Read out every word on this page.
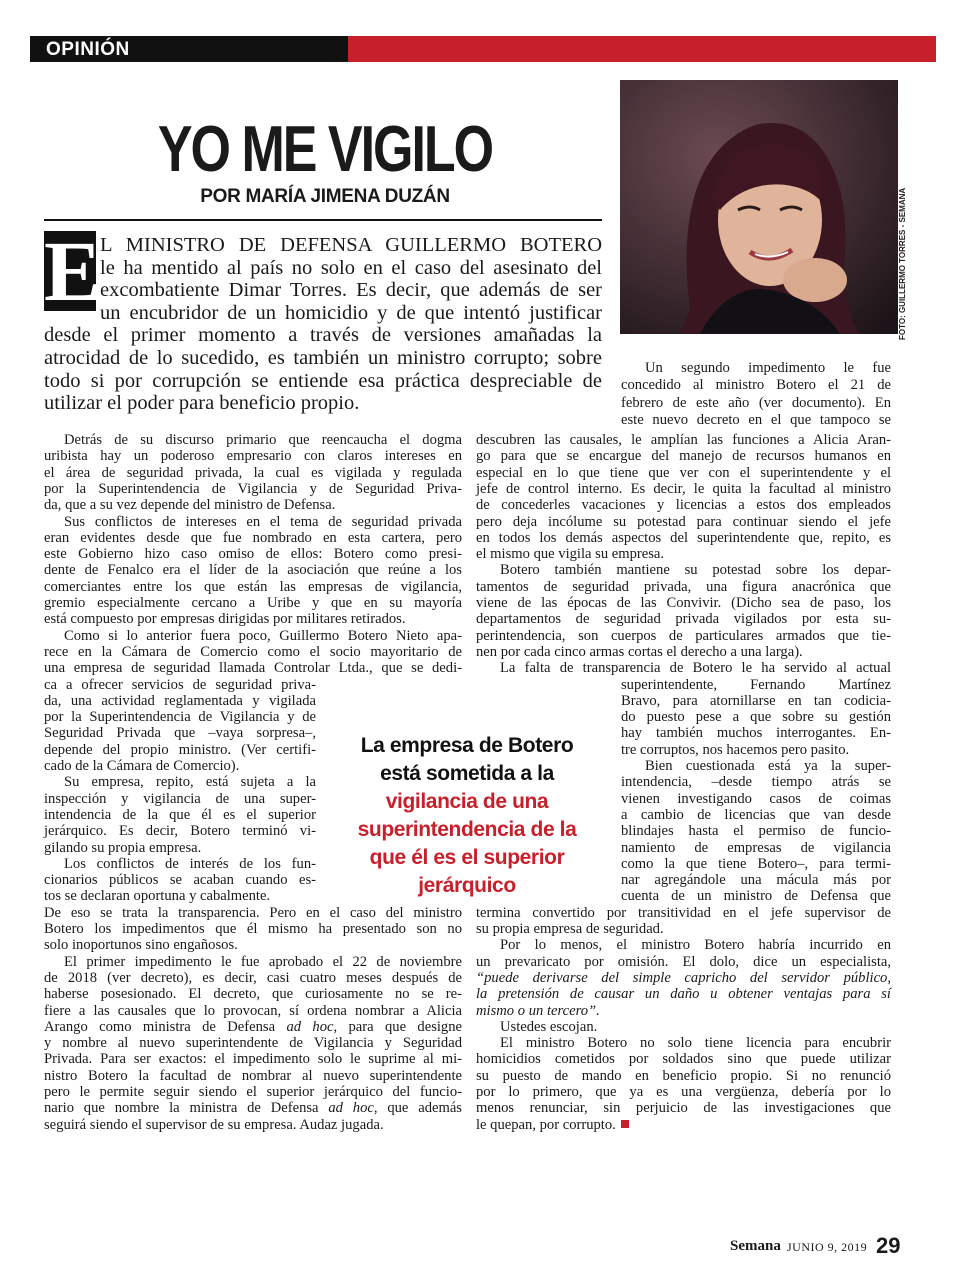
OPINIÓN
YO ME VIGILO
POR MARÍA JIMENA DUZÁN	FOTO: GUILLERMO TORRES - SEMANA
E
L MINISTRO DE DEFENSA GUILLERMO BOTERO
le ha mentido al país no solo en el caso del asesinato del
excombatiente Dimar Torres. Es decir, que además de ser
un encubridor de un homicidio y de que intentó justificar
desde el primer momento a través de versiones amañadas la
atrocidad de lo sucedido, es también un ministro corrupto; sobre
todo si por corrupción se entiende esa práctica despreciable de
utilizar el poder para beneficio propio.
Detrás de su discurso primario que reencaucha el dogma
uribista hay un poderoso empresario con claros intereses en
el área de seguridad privada, la cual es vigilada y regulada
por la Superintendencia de Vigilancia y de Seguridad Priva-
da, que a su vez depende del ministro de Defensa.
Sus conflictos de intereses en el tema de seguridad privada
eran evidentes desde que fue nombrado en esta cartera, pero
este Gobierno hizo caso omiso de ellos: Botero como presi-
dente de Fenalco era el líder de la asociación que reúne a los
comerciantes entre los que están las empresas de vigilancia,
gremio especialmente cercano a Uribe y que en su mayoría
está compuesto por empresas dirigidas por militares retirados.
Como si lo anterior fuera poco, Guillermo Botero Nieto apa-
rece en la Cámara de Comercio como el socio mayoritario de
una empresa de seguridad llamada Controlar Ltda., que se dedi-
ca a ofrecer servicios de seguridad priva-
da, una actividad reglamentada y vigilada
por la Superintendencia de Vigilancia y de
Seguridad Privada que –vaya sorpresa–,
depende del propio ministro. (Ver certifi-
cado de la Cámara de Comercio).
Su empresa, repito, está sujeta a la
inspección y vigilancia de una super-
intendencia de la que él es el superior
jerárquico. Es decir, Botero terminó vi-
gilando su propia empresa.
Los conflictos de interés de los fun-
cionarios públicos se acaban cuando es-
tos se declaran oportuna y cabalmente.
De eso se trata la transparencia. Pero en el caso del ministro
Botero los impedimentos que él mismo ha presentado son no
solo inoportunos sino engañosos.
El primer impedimento le fue aprobado el 22 de noviembre
de 2018 (ver decreto), es decir, casi cuatro meses después de
haberse posesionado. El decreto, que curiosamente no se re-
fiere a las causales que lo provocan, sí ordena nombrar a Alicia
Arango como ministra de Defensa ad hoc, para que designe
y nombre al nuevo superintendente de Vigilancia y Seguridad
Privada. Para ser exactos: el impedimento solo le suprime al mi-
nistro Botero la facultad de nombrar al nuevo superintendente
pero le permite seguir siendo el superior jerárquico del funcio-
nario que nombre la ministra de Defensa ad hoc, que además
seguirá siendo el supervisor de su empresa. Audaz jugada.
Un segundo impedimento le fue
concedido al ministro Botero el 21 de
febrero de este año (ver documento). En
este nuevo decreto en el que tampoco se
descubren las causales, le amplían las funciones a Alicia Aran-
go para que se encargue del manejo de recursos humanos en
especial en lo que tiene que ver con el superintendente y el
jefe de control interno. Es decir, le quita la facultad al ministro
de concederles vacaciones y licencias a estos dos empleados
pero deja incólume su potestad para continuar siendo el jefe
en todos los demás aspectos del superintendente que, repito, es
el mismo que vigila su empresa.
Botero también mantiene su potestad sobre los depar-
tamentos de seguridad privada, una figura anacrónica que
viene de las épocas de las Convivir. (Dicho sea de paso, los
departamentos de seguridad privada vigilados por esta su-
perintendencia, son cuerpos de particulares armados que tie-
nen por cada cinco armas cortas el derecho a una larga).
La falta de transparencia de Botero le ha servido al actual
superintendente, Fernando Martínez
Bravo, para atornillarse en tan codicia-
do puesto pese a que sobre su gestión
hay también muchos interrogantes. En-
tre corruptos, nos hacemos pero pasito.
Bien cuestionada está ya la super-
intendencia, –desde tiempo atrás se
vienen investigando casos de coimas
a cambio de licencias que van desde
blindajes hasta el permiso de funcio-
namiento de empresas de vigilancia
como la que tiene Botero–, para termi-
nar agregándole una mácula más por
cuenta de un ministro de Defensa que
termina convertido por transitividad en el jefe supervisor de
su propia empresa de seguridad.
Por lo menos, el ministro Botero habría incurrido en
un prevaricato por omisión. El dolo, dice un especialista,
“puede derivarse del simple capricho del servidor público,
la pretensión de causar un daño u obtener ventajas para sí
mismo o un tercero”.
Ustedes escojan.
El ministro Botero no solo tiene licencia para encubrir
homicidios cometidos por soldados sino que puede utilizar
su puesto de mando en beneficio propio. Si no renunció
por lo primero, que ya es una vergüenza, debería por lo
menos renunciar, sin perjuicio de las investigaciones que
le quepan, por corrupto.
La empresa de Botero está sometida a la vigilancia de una superintendencia de la que él es el superior jerárquico
Semana JUNIO 9, 2019 29
